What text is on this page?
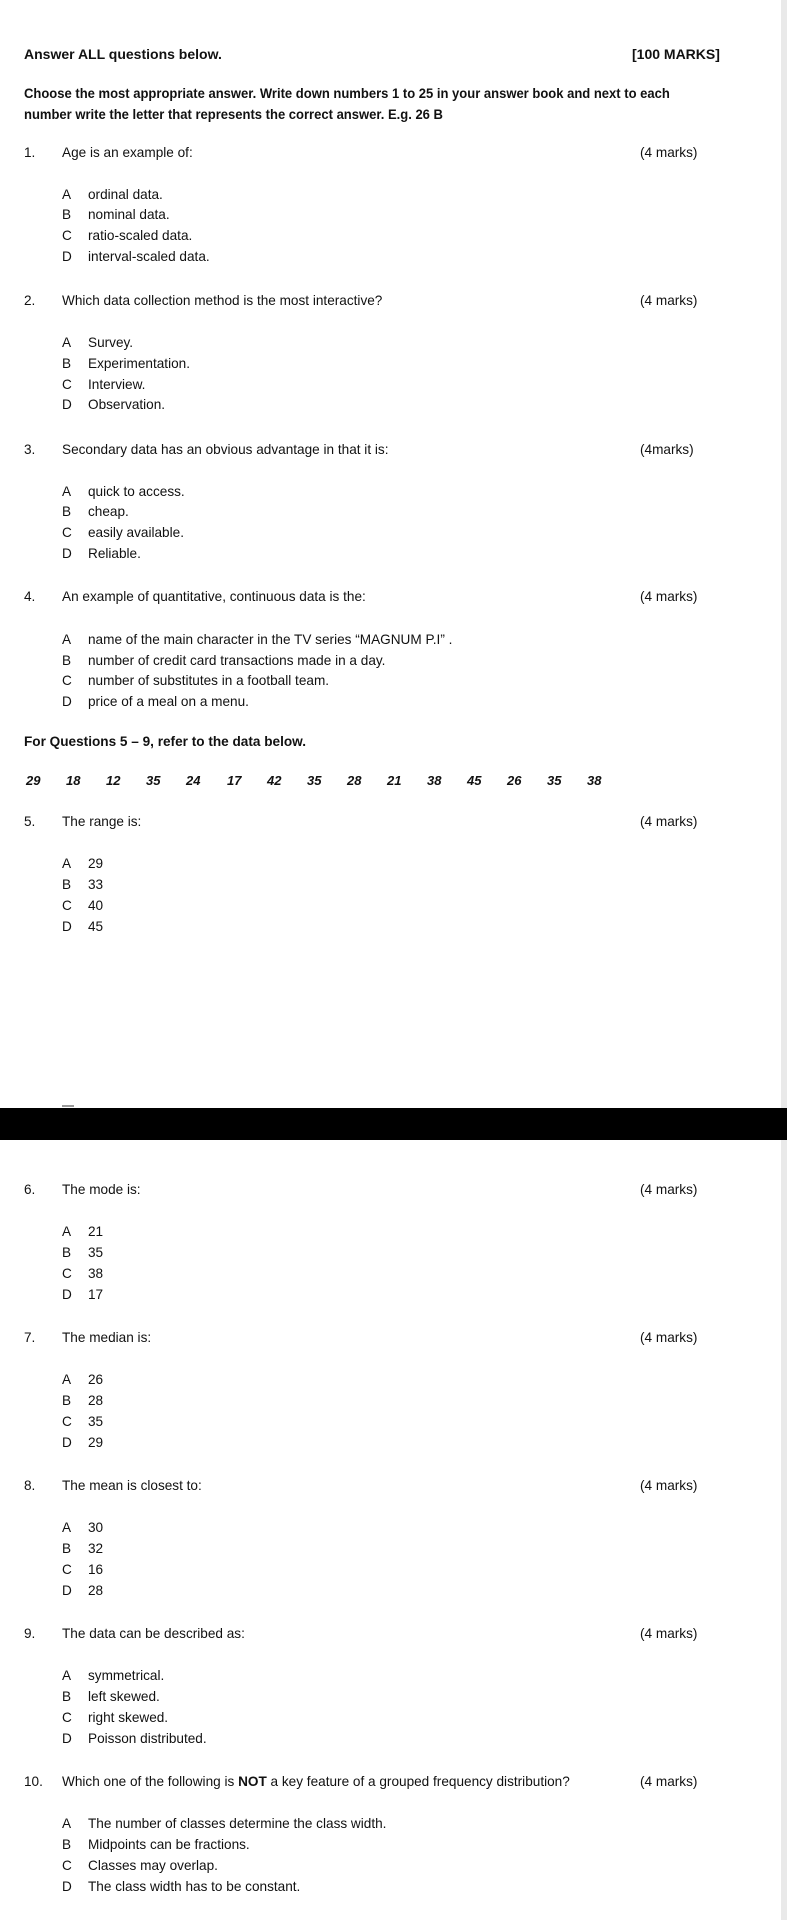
Answer ALL questions below.	[100 MARKS]
Choose the most appropriate answer. Write down numbers 1 to 25 in your answer book and next to each number write the letter that represents the correct answer. E.g. 26 B
1. Age is an example of:	(4 marks)
A ordinal data.
B nominal data.
C ratio-scaled data.
D interval-scaled data.
2. Which data collection method is the most interactive?	(4 marks)
A Survey.
B Experimentation.
C Interview.
D Observation.
3. Secondary data has an obvious advantage in that it is:	(4marks)
A quick to access.
B cheap.
C easily available.
D Reliable.
4. An example of quantitative, continuous data is the:	(4 marks)
A name of the main character in the TV series “MAGNUM P.I” .
B number of credit card transactions made in a day.
C number of substitutes in a football team.
D price of a meal on a menu.
For Questions 5 – 9, refer to the data below.
29 18 12 35 24 17 42 35 28 21 38 45 26 35 38
5. The range is:	(4 marks)
A 29
B 33
C 40
D 45
6. The mode is:	(4 marks)
A 21
B 35
C 38
D 17
7. The median is:	(4 marks)
A 26
B 28
C 35
D 29
8. The mean is closest to:	(4 marks)
A 30
B 32
C 16
D 28
9. The data can be described as:	(4 marks)
A symmetrical.
B left skewed.
C right skewed.
D Poisson distributed.
10. Which one of the following is NOT a key feature of a grouped frequency distribution?	(4 marks)
A The number of classes determine the class width.
B Midpoints can be fractions.
C Classes may overlap.
D The class width has to be constant.
